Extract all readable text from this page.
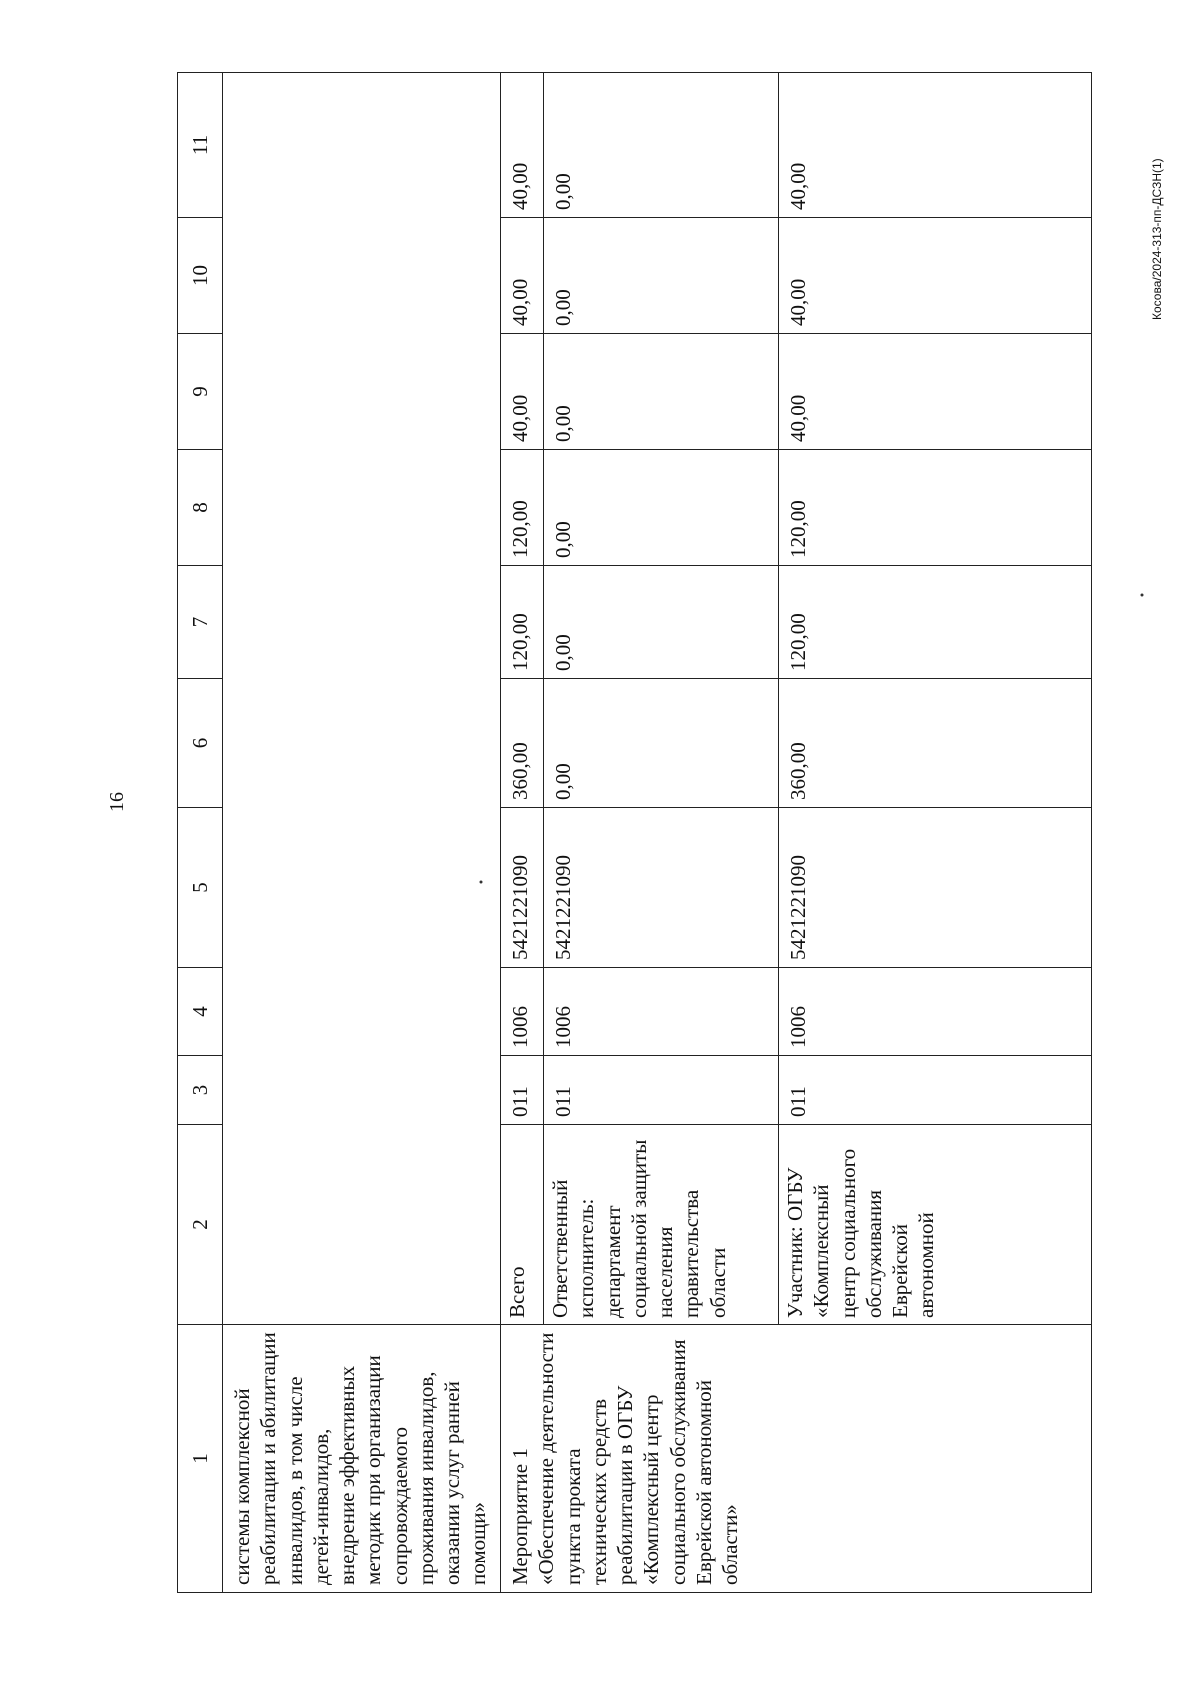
16
Косова/2024-313-пп-ДСЗН(1)
1	2	3	4	5	6	7	8	9	10	11
системы комплексной реабилитации и абилитации инвалидов, в том числе детей-инвалидов, внедрение эффективных методик при организации сопровождаемого проживания инвалидов, оказании услуг ранней помощи»										
Мероприятие 1 «Обеспечение деятельности пункта проката технических средств реабилитации в ОГБУ «Комплексный центр социального обслуживания Еврейской автономной области»	Всего	011	1006	5421221090	360,00	120,00	120,00	40,00	40,00	40,00
	Ответственный исполнитель: департамент социальной защиты населения правительства области	011	1006	5421221090	0,00	0,00	0,00	0,00	0,00	0,00
	Участник: ОГБУ «Комплексный центр социального обслуживания Еврейской автономной	011	1006	5421221090	360,00	120,00	120,00	40,00	40,00	40,00
